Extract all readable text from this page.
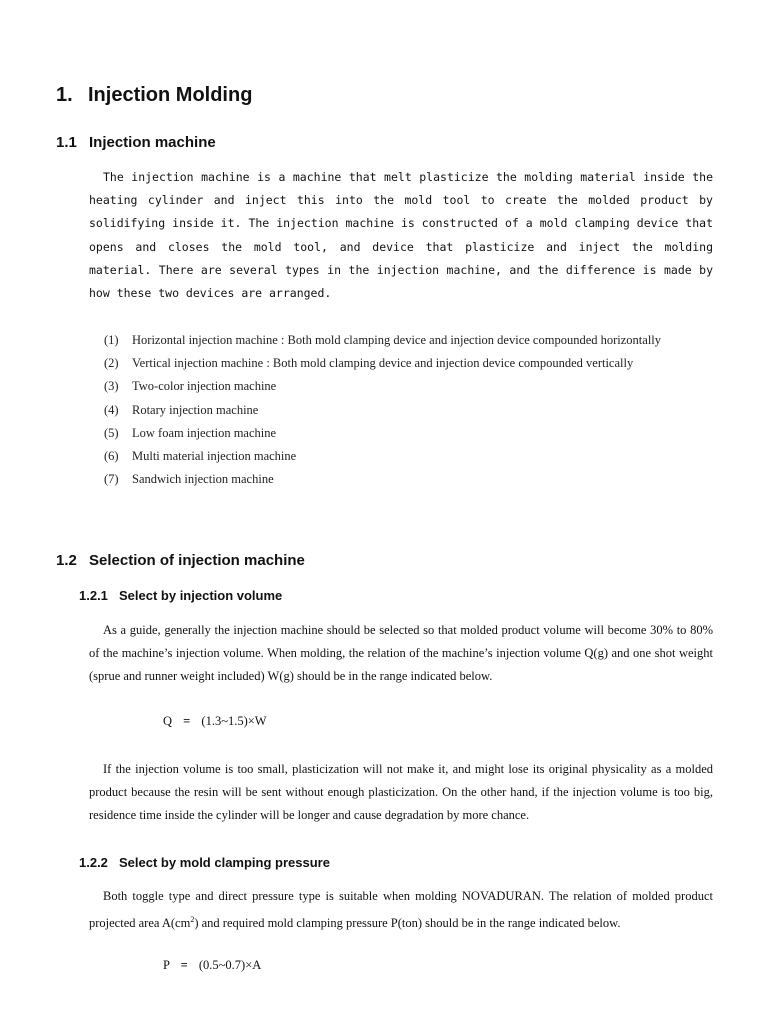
1. Injection Molding
1.1 Injection machine

The injection machine is a machine that melt plasticize the molding material inside the heating cylinder and inject this into the mold tool to create the molded product by solidifying inside it. The injection machine is constructed of a mold clamping device that opens and closes the mold tool, and device that plasticize and inject the molding material. There are several types in the injection machine, and the difference is made by how these two devices are arranged.

(1)	Horizontal injection machine : Both mold clamping device and injection device compounded horizontally
(2)	Vertical injection machine : Both mold clamping device and injection device compounded vertically
(3)	Two-color injection machine
(4)	Rotary injection machine
(5)	Low foam injection machine
(6)	Multi material injection machine
(7)	Sandwich injection machine
1.2 Selection of injection machine
1.2.1 Select by injection volume

As a guide, generally the injection machine should be selected so that molded product volume will become 30% to 80% of the machine’s injection volume. When molding, the relation of the machine’s injection volume Q(g) and one shot weight (sprue and runner weight included) W(g) should be in the range indicated below.

Q = (1.3~1.5)×W

If the injection volume is too small, plasticization will not make it, and might lose its original physicality as a molded product because the resin will be sent without enough plasticization. On the other hand, if the injection volume is too big, residence time inside the cylinder will be longer and cause degradation by more chance.

1.2.2 Select by mold clamping pressure

Both toggle type and direct pressure type is suitable when molding NOVADURAN. The relation of molded product projected area $A(cm^2)$ and required mold clamping pressure P(ton) should be in the range indicated below.

P = (0.5~0.7)×A
